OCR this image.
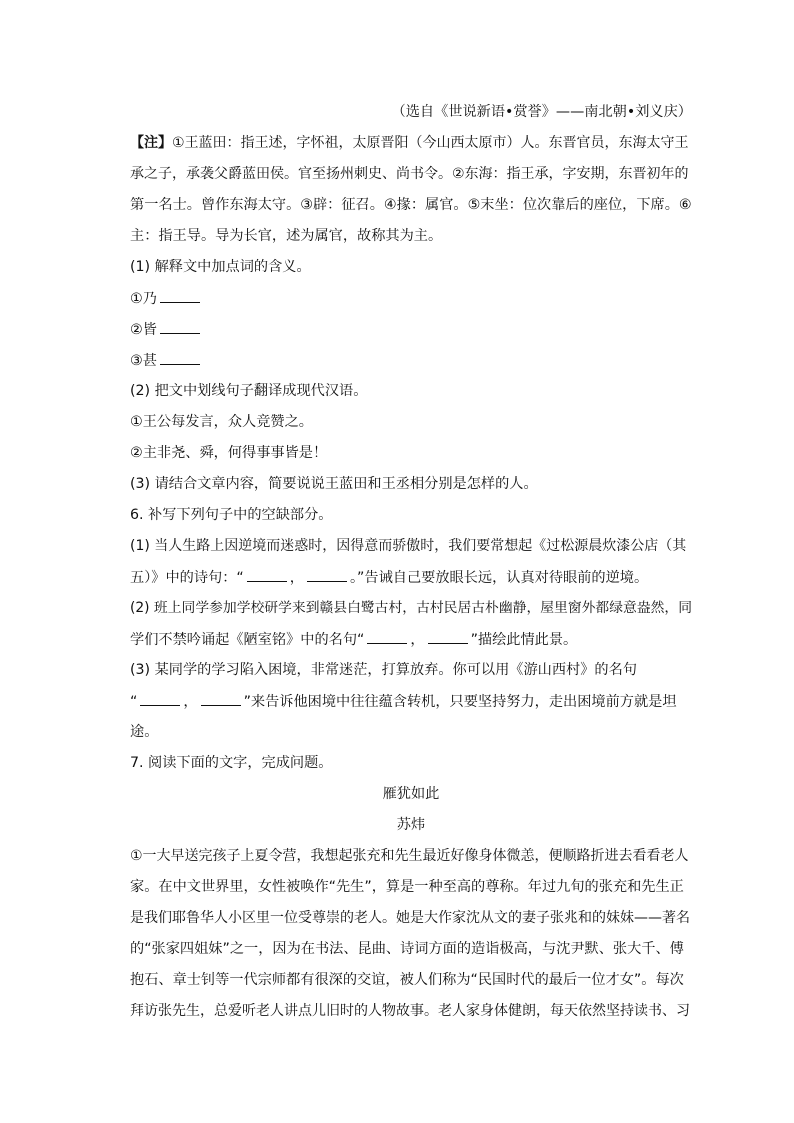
（选自《世说新语•赏誉》——南北朝•刘义庆）
【注】①王蓝田：指王述，字怀祖，太原晋阳（今山西太原市）人。东晋官员，东海太守王
承之子，承袭父爵蓝田侯。官至扬州刺史、尚书令。②东海：指王承，字安期，东晋初年的
第一名士。曾作东海太守。③辟：征召。④掾：属官。⑤末坐：位次靠后的座位，下席。⑥
主：指王导。导为长官，述为属官，故称其为主。
(1) 解释文中加点词的含义。
①乃
②皆
③甚
(2) 把文中划线句子翻译成现代汉语。
①王公每发言，众人竞赞之。
②主非尧、舜，何得事事皆是！
(3) 请结合文章内容，简要说说王蓝田和王丞相分别是怎样的人。
6. 补写下列句子中的空缺部分。
(1) 当人生路上因逆境而迷惑时，因得意而骄傲时，我们要常想起《过松源晨炊漆公店（其
五）》中的诗句：“	，	。”告诫自己要放眼长远，认真对待眼前的逆境。
(2) 班上同学参加学校研学来到赣县白鹭古村，古村民居古朴幽静，屋里窗外都绿意盎然，同
学们不禁吟诵起《陋室铭》中的名句“	，	”描绘此情此景。
(3) 某同学的学习陷入困境，非常迷茫，打算放弃。你可以用《游山西村》的名句
“	，	”来告诉他困境中往往蕴含转机，只要坚持努力，走出困境前方就是坦
途。
7. 阅读下面的文字，完成问题。
雁犹如此
苏炜
①一大早送完孩子上夏令营，我想起张充和先生最近好像身体微恙，便顺路折进去看看老人
家。在中文世界里，女性被唤作“先生”，算是一种至高的尊称。年过九旬的张充和先生正
是我们耶鲁华人小区里一位受尊崇的老人。她是大作家沈从文的妻子张兆和的妹妹——著名
的“张家四姐妹”之一，因为在书法、昆曲、诗词方面的造诣极高，与沈尹默、张大千、傅
抱石、章士钊等一代宗师都有很深的交谊，被人们称为“民国时代的最后一位才女”。每次
拜访张先生，总爱听老人讲点儿旧时的人物故事。老人家身体健朗，每天依然坚持读书、习
